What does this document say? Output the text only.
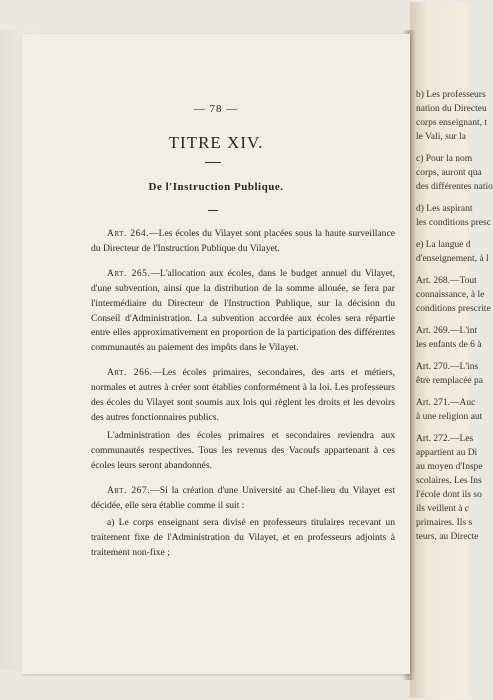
b) Les professeurs
nation du Directeu
corps enseignant, t
le Vali, sur la
c) Pour la nom
corps, auront qua
des différentes natio
d) Les aspirant
les conditions presc
e) La langue d
d'enseignement, à l
Art. 268.—Tout
connaissance, à le
conditions prescrite
Art. 269.—L'int
les enfants de 6 à
Art. 270.—L'ins
être remplacée pa
Art. 271.—Auc
à une religion aut
Art. 272.—Les
appartient au Di
au moyen d'Inspe
scolaires. Les Ins
l'école dont ils so
ils veillent à c
primaires. Ils s
teurs, au Directe
— 78 —
TITRE XIV.
De l'Instruction Publique.

Art. 264.—Les écoles du Vilayet sont placées sous la haute surveillance du Directeur de l'Instruction Publique du Vilayet.

Art. 265.—L'allocation aux écoles, dans le budget annuel du Vilayet, d'une subvention, ainsi que la distribution de la somme allouée, se fera par l'intermédiaire du Directeur de l'Instruction Publique, sur la décision du Conseil d'Administration. La subvention accordée aux écoles sera répartie entre elles approximativement en proportion de la participation des différentes communautés au paiement des impôts dans le Vilayet.

Art. 266.—Les écoles primaires, secondaires, des arts et métiers, normales et autres à créer sont établies conformément à la loi. Les professeurs des écoles du Vilayet sont soumis aux lois qui règlent les droits et les devoirs des autres fonctionnaires publics.

L'administration des écoles primaires et secondaires reviendra aux communautés respectives. Tous les revenus des Vacoufs appartenant à ces écoles leurs seront abandonnés.

Art. 267.—Si la création d'une Université au Chef-lieu du Vilayet est décidée, elle sera établie comme il suit :

a) Le corps enseignant sera divisé en professeurs titulaires recevant un traitement fixe de l'Administration du Vilayet, et en professeurs adjoints à traitement non-fixe ;
